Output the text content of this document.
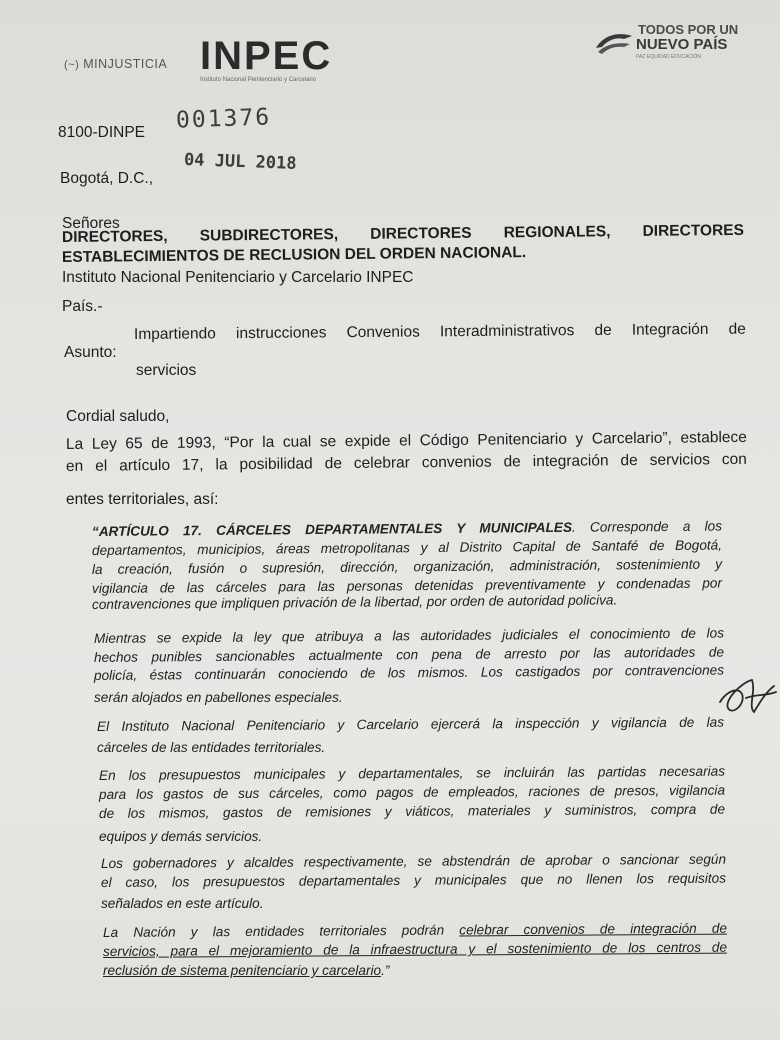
(~) MINJUSTICIA INPEC
Instituto Nacional Penitenciario y Carcelario
TODOS POR UN
NUEVO PAÍS
PAZ EQUIDAD EDUCACIÓN
8100-DINPE 001376
Bogotá, D.C.,
04 JUL 2018
Señores
DIRECTORES, SUBDIRECTORES, DIRECTORES REGIONALES, DIRECTORES
ESTABLECIMIENTOS DE RECLUSION DEL ORDEN NACIONAL.
Instituto Nacional Penitenciario y Carcelario INPEC
País.-
Asunto:
Impartiendo instrucciones Convenios Interadministrativos de Integración de
servicios
Cordial saludo,
La Ley 65 de 1993, “Por la cual se expide el Código Penitenciario y Carcelario”, establece
en el artículo 17, la posibilidad de celebrar convenios de integración de servicios con
entes territoriales, así:
“ARTÍCULO 17. CÁRCELES DEPARTAMENTALES Y MUNICIPALES. Corresponde a los
departamentos, municipios, áreas metropolitanas y al Distrito Capital de Santafé de Bogotá,
la creación, fusión o supresión, dirección, organización, administración, sostenimiento y
vigilancia de las cárceles para las personas detenidas preventivamente y condenadas por
contravenciones que impliquen privación de la libertad, por orden de autoridad policiva.
Mientras se expide la ley que atribuya a las autoridades judiciales el conocimiento de los
hechos punibles sancionables actualmente con pena de arresto por las autoridades de
policía, éstas continuarán conociendo de los mismos. Los castigados por contravenciones
serán alojados en pabellones especiales.
El Instituto Nacional Penitenciario y Carcelario ejercerá la inspección y vigilancia de las
cárceles de las entidades territoriales.
En los presupuestos municipales y departamentales, se incluirán las partidas necesarias
para los gastos de sus cárceles, como pagos de empleados, raciones de presos, vigilancia
de los mismos, gastos de remisiones y viáticos, materiales y suministros, compra de
equipos y demás servicios.
Los gobernadores y alcaldes respectivamente, se abstendrán de aprobar o sancionar según
el caso, los presupuestos departamentales y municipales que no llenen los requisitos
señalados en este artículo.
La Nación y las entidades territoriales podrán celebrar convenios de integración de
servicios, para el mejoramiento de la infraestructura y el sostenimiento de los centros de
reclusión de sistema penitenciario y carcelario.”
